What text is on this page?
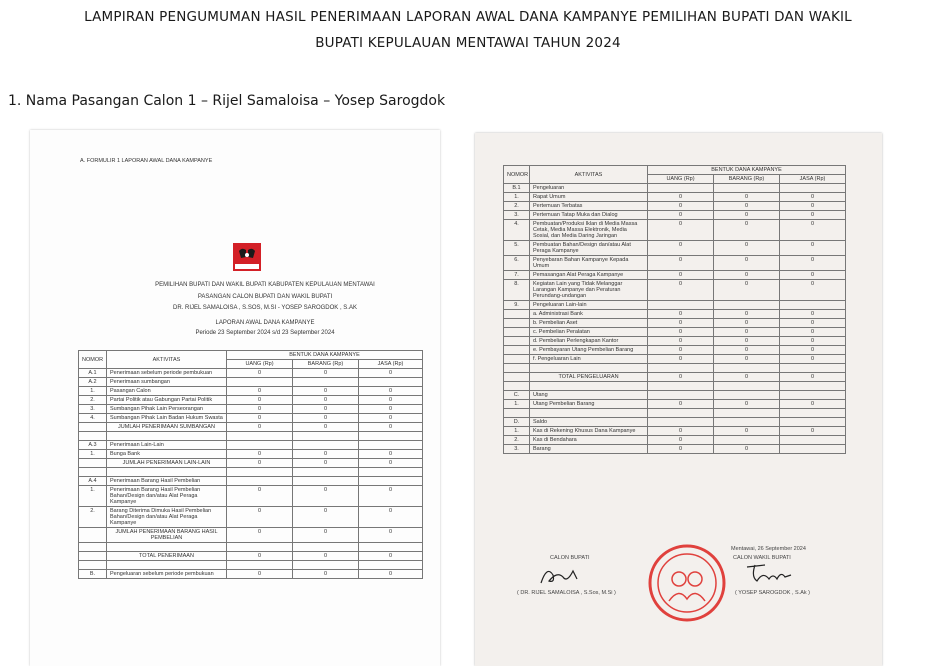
LAMPIRAN PENGUMUMAN HASIL PENERIMAAN LAPORAN AWAL DANA KAMPANYE PEMILIHAN BUPATI DAN WAKIL
BUPATI KEPULAUAN MENTAWAI TAHUN 2024
1. Nama Pasangan Calon 1 – Rijel Samaloisa – Yosep Sarogdok
A. FORMULIR 1 LAPORAN AWAL DANA KAMPANYE
PEMILIHAN BUPATI DAN WAKIL BUPATI KABUPATEN KEPULAUAN MENTAWAI
PASANGAN CALON BUPATI DAN WAKIL BUPATI
DR. RIJEL SAMALOISA , S.SOS, M.SI - YOSEP SAROGDOK , S.AK
LAPORAN AWAL DANA KAMPANYE
Periode 23 September 2024 s/d 23 September 2024
NOMOR	AKTIVITAS	BENTUK DANA KAMPANYE		
		UANG (Rp)	BARANG (Rp)	JASA (Rp)
A.1	Penerimaan sebelum periode pembukuan	0	0	0
A.2	Penerimaan sumbangan			
1.	Pasangan Calon	0	0	0
2.	Partai Politik atau Gabungan Partai Politik	0	0	0
3.	Sumbangan Pihak Lain Perseorangan	0	0	0
4.	Sumbangan Pihak Lain Badan Hukum Swasta	0	0	0
	JUMLAH PENERIMAAN SUMBANGAN	0	0	0

A.3	Penerimaan Lain-Lain			
1.	Bunga Bank	0	0	0
	JUMLAH PENERIMAAN LAIN-LAIN	0	0	0

A.4	Penerimaan Barang Hasil Pembelian			
1.	Penerimaan Barang Hasil Pembelian Bahan/Design dan/atau Alat Peraga Kampanye	0	0	0
2.	Barang Diterima Dimuka Hasil Pembelian Bahan/Design dan/atau Alat Peraga Kampanye	0	0	0
	JUMLAH PENERIMAAN BARANG HASIL PEMBELIAN	0	0	0

	TOTAL PENERIMAAN	0	0	0

B.	Pengeluaran sebelum periode pembukuan	0	0	0
NOMOR	AKTIVITAS	BENTUK DANA KAMPANYE		
		UANG (Rp)	BARANG (Rp)	JASA (Rp)
B.1	Pengeluaran			
1.	Rapat Umum	0	0	0
2.	Pertemuan Terbatas	0	0	0
3.	Pertemuan Tatap Muka dan Dialog	0	0	0
4.	Pembuatan/Produksi Iklan di Media Massa Cetak, Media Massa Elektronik, Media Sosial, dan Media Daring Jaringan	0	0	0
5.	Pembuatan Bahan/Design dan/atau Alat Peraga Kampanye	0	0	0
6.	Penyebaran Bahan Kampanye Kepada Umum	0	0	0
7.	Pemasangan Alat Peraga Kampanye	0	0	0
8.	Kegiatan Lain yang Tidak Melanggar Larangan Kampanye dan Peraturan Perundang-undangan	0	0	0
9.	Pengeluaran Lain-lain			
	a. Administrasi Bank	0	0	0
	b. Pembelian Aset	0	0	0
	c. Pembelian Peralatan	0	0	0
	d. Pembelian Perlengkapan Kantor	0	0	0
	e. Pembayaran Utang Pembelian Barang	0	0	0
	f. Pengeluaran Lain	0	0	0

	TOTAL PENGELUARAN	0	0	0

C.	Utang			
1.	Utang Pembelian Barang	0	0	0

D.	Saldo			
1.	Kas di Rekening Khusus Dana Kampanye	0	0	0
2.	Kas di Bendahara	0		
3.	Barang	0	0	
CALON BUPATI
( DR. RIJEL SAMALOISA , S.Sos, M.Si )
Mentawai, 26 September 2024
CALON WAKIL BUPATI
( YOSEP SAROGDOK , S.Ak )
